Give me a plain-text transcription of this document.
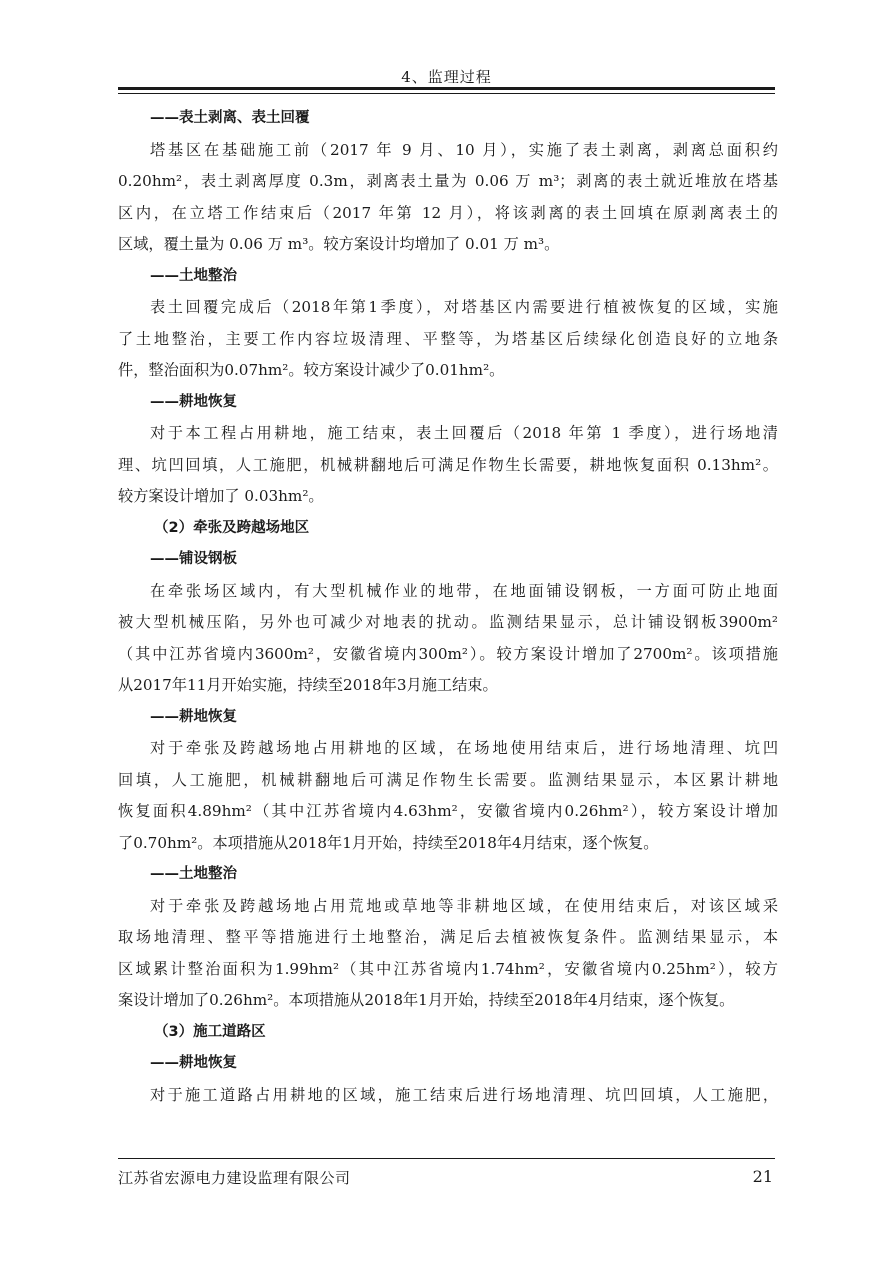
4、监理过程
——表土剥离、表土回覆
塔基区在基础施工前（2017 年 9 月、10 月），实施了表土剥离，剥离总面积约
0.20hm²，表土剥离厚度 0.3m，剥离表土量为 0.06 万 m³；剥离的表土就近堆放在塔基
区内，在立塔工作结束后（2017 年第 12 月），将该剥离的表土回填在原剥离表土的
区域，覆土量为 0.06 万 m³。较方案设计均增加了 0.01 万 m³。
——土地整治
表土回覆完成后（2018年第1季度），对塔基区内需要进行植被恢复的区域，实施
了土地整治，主要工作内容垃圾清理、平整等，为塔基区后续绿化创造良好的立地条
件，整治面积为0.07hm²。较方案设计减少了0.01hm²。
——耕地恢复
对于本工程占用耕地，施工结束，表土回覆后（2018 年第 1 季度），进行场地清
理、坑凹回填，人工施肥，机械耕翻地后可满足作物生长需要，耕地恢复面积 0.13hm²。
较方案设计增加了 0.03hm²。
（2）牵张及跨越场地区
——铺设钢板
在牵张场区域内，有大型机械作业的地带，在地面铺设钢板，一方面可防止地面
被大型机械压陷，另外也可减少对地表的扰动。监测结果显示，总计铺设钢板3900m²
（其中江苏省境内3600m²，安徽省境内300m²）。较方案设计增加了2700m²。该项措施
从2017年11月开始实施，持续至2018年3月施工结束。
——耕地恢复
对于牵张及跨越场地占用耕地的区域，在场地使用结束后，进行场地清理、坑凹
回填，人工施肥，机械耕翻地后可满足作物生长需要。监测结果显示，本区累计耕地
恢复面积4.89hm²（其中江苏省境内4.63hm²，安徽省境内0.26hm²），较方案设计增加
了0.70hm²。本项措施从2018年1月开始，持续至2018年4月结束，逐个恢复。
——土地整治
对于牵张及跨越场地占用荒地或草地等非耕地区域，在使用结束后，对该区域采
取场地清理、整平等措施进行土地整治，满足后去植被恢复条件。监测结果显示，本
区域累计整治面积为1.99hm²（其中江苏省境内1.74hm²，安徽省境内0.25hm²），较方
案设计增加了0.26hm²。本项措施从2018年1月开始，持续至2018年4月结束，逐个恢复。
（3）施工道路区
——耕地恢复
对于施工道路占用耕地的区域，施工结束后进行场地清理、坑凹回填，人工施肥，
江苏省宏源电力建设监理有限公司	21
